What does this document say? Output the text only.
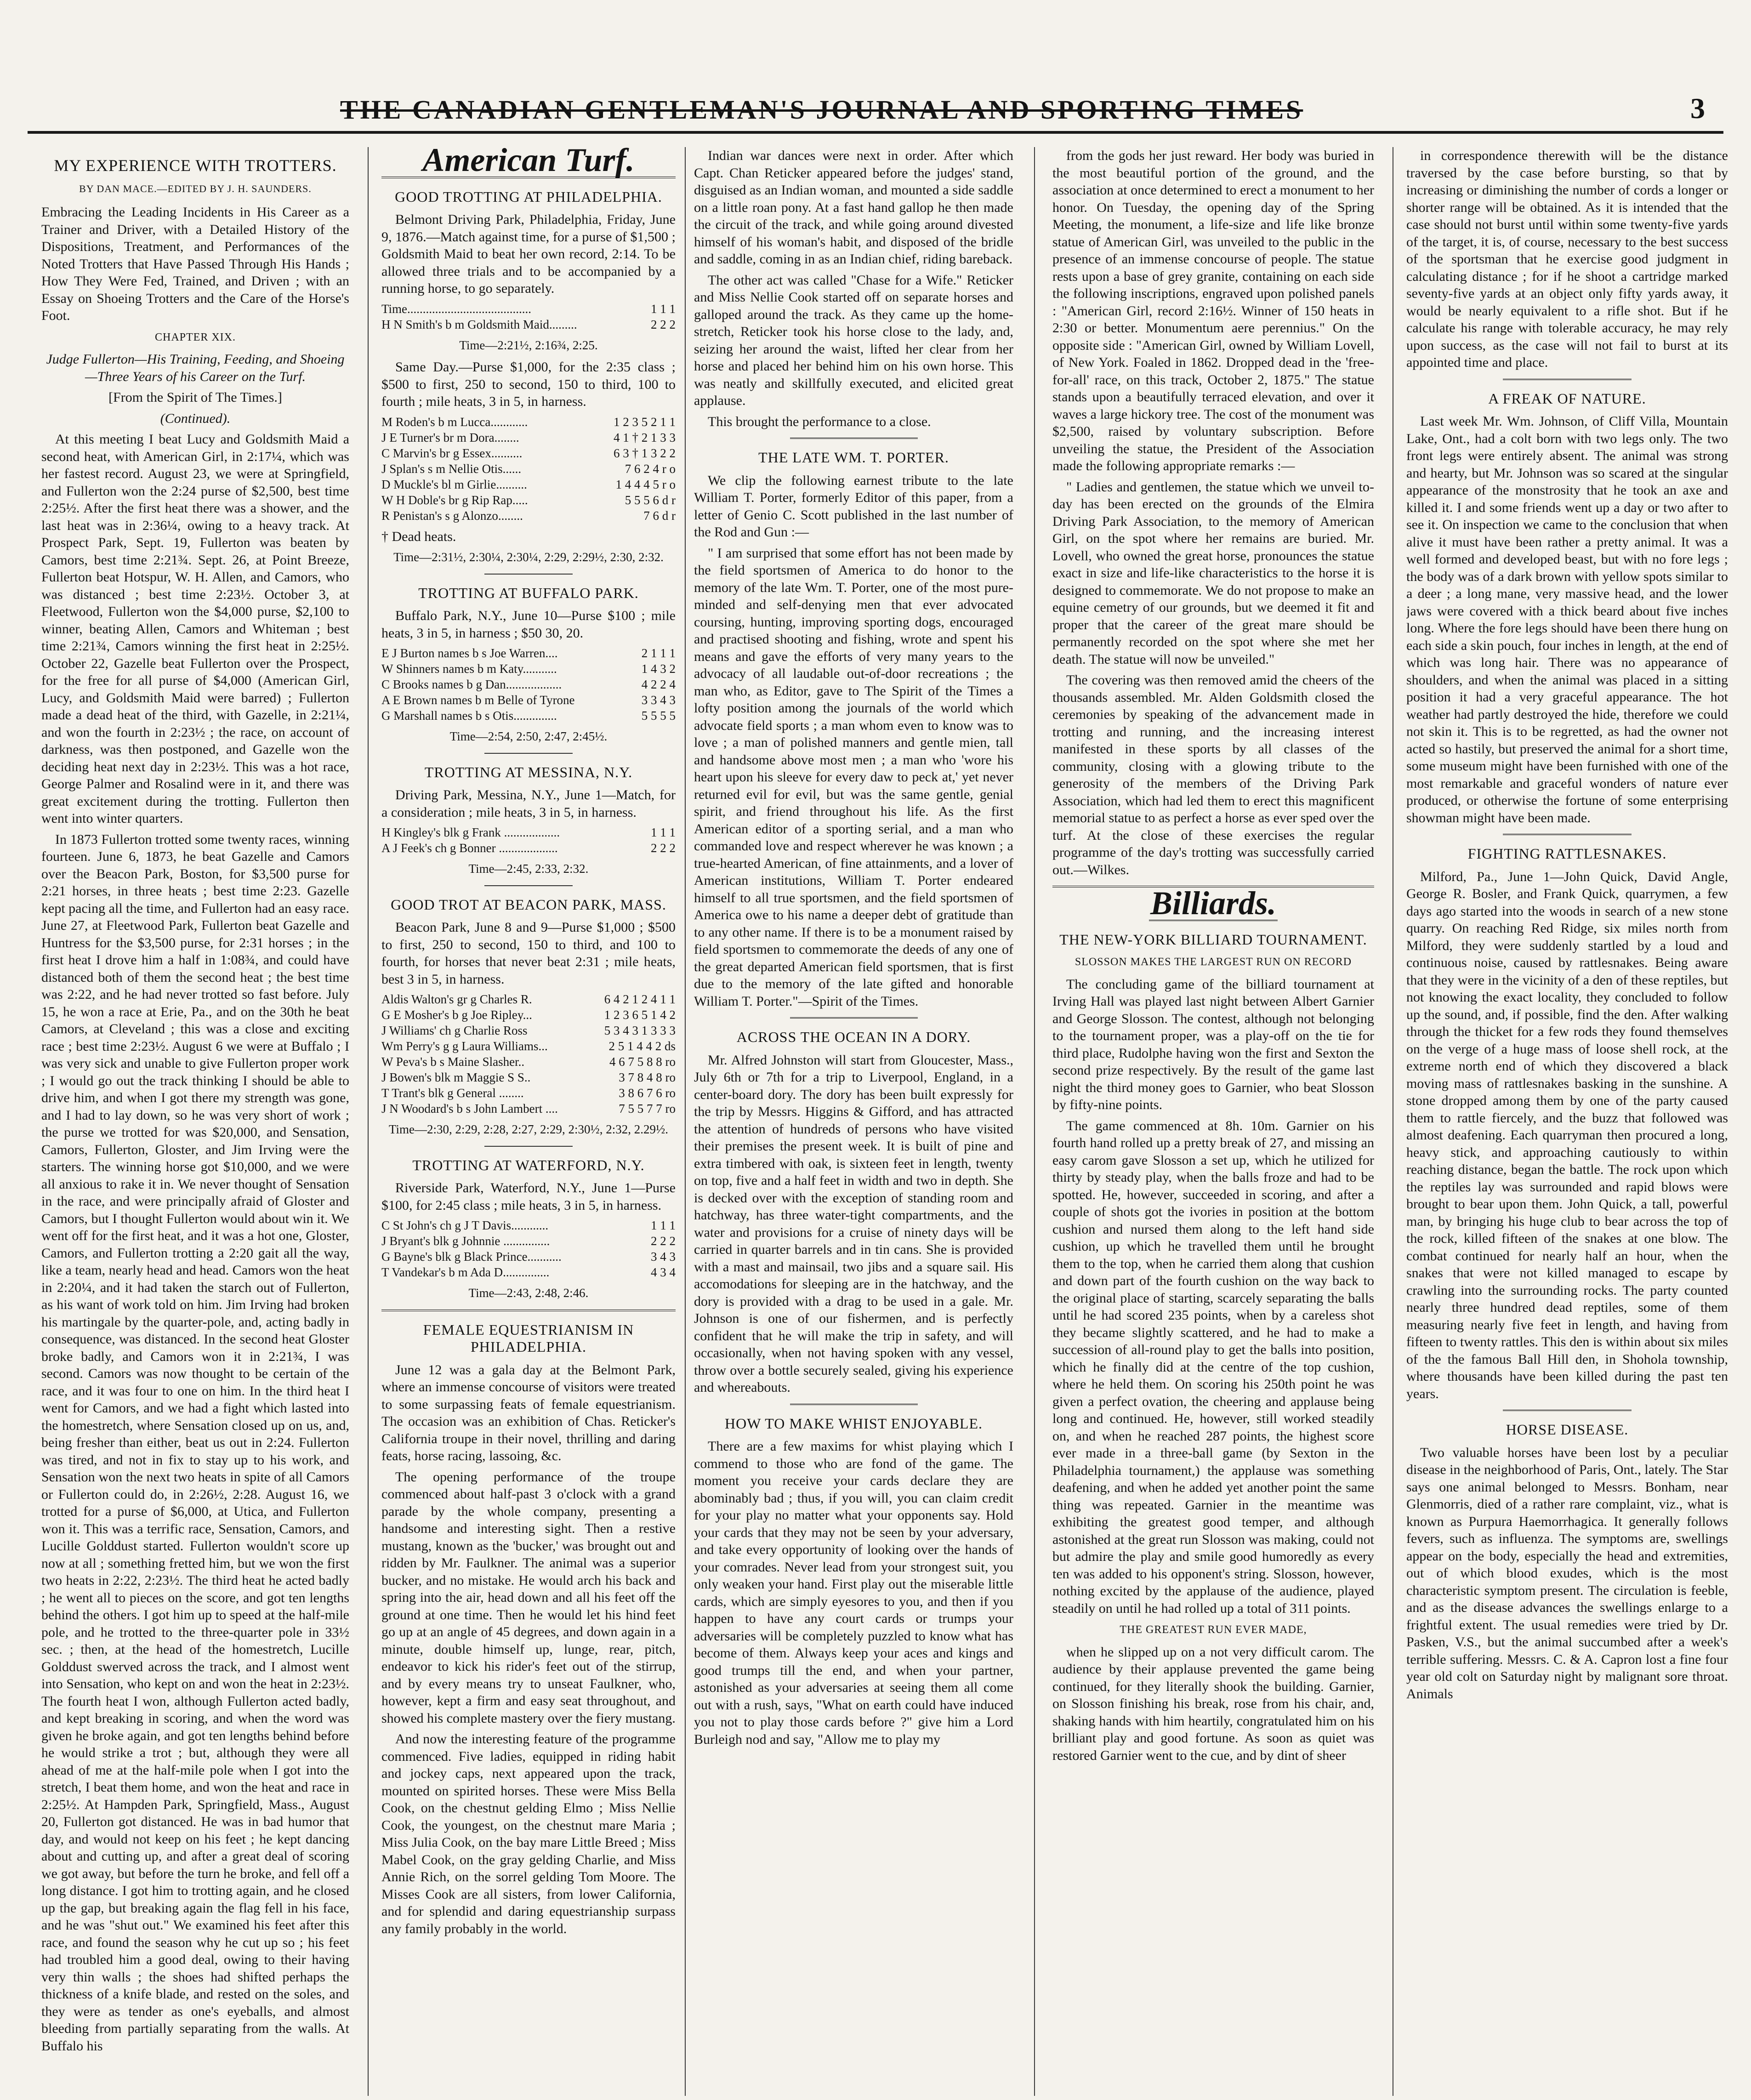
THE CANADIAN GENTLEMAN'S JOURNAL AND SPORTING TIMES	3
MY EXPERIENCE WITH TROTTERS.
BY DAN MACE.—EDITED BY J. H. SAUNDERS.

Embracing the Leading Incidents in His Career as a Trainer and Driver, with a Detailed History of the Dispositions, Treatment, and Performances of the Noted Trotters that Have Passed Through His Hands ; How They Were Fed, Trained, and Driven ; with an Essay on Shoeing Trotters and the Care of the Horse's Foot.

CHAPTER XIX.

Judge Fullerton—His Training, Feeding, and Shoeing—Three Years of his Career on the Turf.

[From the Spirit of The Times.]

(Continued).

At this meeting I beat Lucy and Goldsmith Maid a second heat, with American Girl, in 2:17¼, which was her fastest record. August 23, we were at Springfield, and Fullerton won the 2:24 purse of $2,500, best time 2:25½. After the first heat there was a shower, and the last heat was in 2:36¼, owing to a heavy track. At Prospect Park, Sept. 19, Fullerton was beaten by Camors, best time 2:21¾. Sept. 26, at Point Breeze, Fullerton beat Hotspur, W. H. Allen, and Camors, who was distanced ; best time 2:23½. October 3, at Fleetwood, Fullerton won the $4,000 purse, $2,100 to winner, beating Allen, Camors and Whiteman ; best time 2:21¾, Camors winning the first heat in 2:25½. October 22, Gazelle beat Fullerton over the Prospect, for the free for all purse of $4,000 (American Girl, Lucy, and Goldsmith Maid were barred) ; Fullerton made a dead heat of the third, with Gazelle, in 2:21¼, and won the fourth in 2:23½ ; the race, on account of darkness, was then postponed, and Gazelle won the deciding heat next day in 2:23½. This was a hot race, George Palmer and Rosalind were in it, and there was great excitement during the trotting. Fullerton then went into winter quarters.

In 1873 Fullerton trotted some twenty races, winning fourteen. June 6, 1873, he beat Gazelle and Camors over the Beacon Park, Boston, for $3,500 purse for 2:21 horses, in three heats ; best time 2:23. Gazelle kept pacing all the time, and Fullerton had an easy race. June 27, at Fleetwood Park, Fullerton beat Gazelle and Huntress for the $3,500 purse, for 2:31 horses ; in the first heat I drove him a half in 1:08¾, and could have distanced both of them the second heat ; the best time was 2:22, and he had never trotted so fast before. July 15, he won a race at Erie, Pa., and on the 30th he beat Camors, at Cleveland ; this was a close and exciting race ; best time 2:23½. August 6 we were at Buffalo ; I was very sick and unable to give Fullerton proper work ; I would go out the track thinking I should be able to drive him, and when I got there my strength was gone, and I had to lay down, so he was very short of work ; the purse we trotted for was $20,000, and Sensation, Camors, Fullerton, Gloster, and Jim Irving were the starters. The winning horse got $10,000, and we were all anxious to rake it in. We never thought of Sensation in the race, and were principally afraid of Gloster and Camors, but I thought Fullerton would about win it. We went off for the first heat, and it was a hot one, Gloster, Camors, and Fullerton trotting a 2:20 gait all the way, like a team, nearly head and head. Camors won the heat in 2:20¼, and it had taken the starch out of Fullerton, as his want of work told on him. Jim Irving had broken his martingale by the quarter-pole, and, acting badly in consequence, was distanced. In the second heat Gloster broke badly, and Camors won it in 2:21¾, I was second. Camors was now thought to be certain of the race, and it was four to one on him. In the third heat I went for Camors, and we had a fight which lasted into the homestretch, where Sensation closed up on us, and, being fresher than either, beat us out in 2:24. Fullerton was tired, and not in fix to stay up to his work, and Sensation won the next two heats in spite of all Camors or Fullerton could do, in 2:26½, 2:28. August 16, we trotted for a purse of $6,000, at Utica, and Fullerton won it. This was a terrific race, Sensation, Camors, and Lucille Golddust started. Fullerton wouldn't score up now at all ; something fretted him, but we won the first two heats in 2:22, 2:23½. The third heat he acted badly ; he went all to pieces on the score, and got ten lengths behind the others. I got him up to speed at the half-mile pole, and he trotted to the three-quarter pole in 33½ sec. ; then, at the head of the homestretch, Lucille Golddust swerved across the track, and I almost went into Sensation, who kept on and won the heat in 2:23½. The fourth heat I won, although Fullerton acted badly, and kept breaking in scoring, and when the word was given he broke again, and got ten lengths behind before he would strike a trot ; but, although they were all ahead of me at the half-mile pole when I got into the stretch, I beat them home, and won the heat and race in 2:25½. At Hampden Park, Springfield, Mass., August 20, Fullerton got distanced. He was in bad humor that day, and would not keep on his feet ; he kept dancing about and cutting up, and after a great deal of scoring we got away, but before the turn he broke, and fell off a long distance. I got him to trotting again, and he closed up the gap, but breaking again the flag fell in his face, and he was "shut out." We examined his feet after this race, and found the season why he cut up so ; his feet had troubled him a good deal, owing to their having very thin walls ; the shoes had shifted perhaps the thickness of a knife blade, and rested on the soles, and they were as tender as one's eyeballs, and almost bleeding from partially separating from the walls. At Buffalo his

American Turf.
GOOD TROTTING AT PHILADELPHIA.

Belmont Driving Park, Philadelphia, Friday, June 9, 1876.—Match against time, for a purse of $1,500 ; Goldsmith Maid to beat her own record, 2:14. To be allowed three trials and to be accompanied by a running horse, to go separately.

Time........................................	1 1 1
H N Smith's b m Goldsmith Maid.........	2 2 2

Time—2:21½, 2:16¾, 2:25.

Same Day.—Purse $1,000, for the 2:35 class ; $500 to first, 250 to second, 150 to third, 100 to fourth ; mile heats, 3 in 5, in harness.

M Roden's b m Lucca............	1 2 3 5 2 1 1
J E Turner's br m Dora........	4 1 † 2 1 3 3
C Marvin's br g Essex..........	6 3 † 1 3 2 2
J Splan's s m Nellie Otis......	7 6 2 4 r o
D Muckle's bl m Girlie..........	1 4 4 4 5 r o
W H Doble's br g Rip Rap.....	5 5 5 6 d r
R Penistan's s g Alonzo........	7 6 d r

† Dead heats.

Time—2:31½, 2:30¼, 2:30¼, 2:29, 2:29½, 2:30, 2:32.

TROTTING AT BUFFALO PARK.

Buffalo Park, N.Y., June 10—Purse $100 ; mile heats, 3 in 5, in harness ; $50 30, 20.

E J Burton names b s Joe Warren....	2 1 1 1
W Shinners names b m Katy...........	1 4 3 2
C Brooks names b g Dan..................	4 2 2 4
A E Brown names b m Belle of Tyrone	3 3 4 3
G Marshall names b s Otis..............	5 5 5 5

Time—2:54, 2:50, 2:47, 2:45½.

TROTTING AT MESSINA, N.Y.

Driving Park, Messina, N.Y., June 1—Match, for a consideration ; mile heats, 3 in 5, in harness.

H Kingley's blk g Frank ..................	1 1 1
A J Feek's ch g Bonner ...................	2 2 2

Time—2:45, 2:33, 2:32.

GOOD TROT AT BEACON PARK, MASS.

Beacon Park, June 8 and 9—Purse $1,000 ; $500 to first, 250 to second, 150 to third, and 100 to fourth, for horses that never beat 2:31 ; mile heats, best 3 in 5, in harness.

Aldis Walton's gr g Charles R.	6 4 2 1 2 4 1 1
G E Mosher's b g Joe Ripley...	1 2 3 6 5 1 4 2
J Williams' ch g Charlie Ross	5 3 4 3 1 3 3 3
Wm Perry's g g Laura Williams...	2 5 1 4 4 2 ds
W Peva's b s Maine Slasher..	4 6 7 5 8 8 ro
J Bowen's blk m Maggie S S..	3 7 8 4 8 ro
T Trant's blk g General ........	3 8 6 7 6 ro
J N Woodard's b s John Lambert ....	7 5 5 7 7 ro

Time—2:30, 2:29, 2:28, 2:27, 2:29, 2:30½, 2:32, 2.29½.

TROTTING AT WATERFORD, N.Y.

Riverside Park, Waterford, N.Y., June 1—Purse $100, for 2:45 class ; mile heats, 3 in 5, in harness.

C St John's ch g J T Davis............	1 1 1
J Bryant's blk g Johnnie ...............	2 2 2
G Bayne's blk g Black Prince...........	3 4 3
T Vandekar's b m Ada D...............	4 3 4

Time—2:43, 2:48, 2:46.

FEMALE EQUESTRIANISM IN PHILADELPHIA.

June 12 was a gala day at the Belmont Park, where an immense concourse of visitors were treated to some surpassing feats of female equestrianism. The occasion was an exhibition of Chas. Reticker's California troupe in their novel, thrilling and daring feats, horse racing, lassoing, &c.

The opening performance of the troupe commenced about half-past 3 o'clock with a grand parade by the whole company, presenting a handsome and interesting sight. Then a restive mustang, known as the 'bucker,' was brought out and ridden by Mr. Faulkner. The animal was a superior bucker, and no mistake. He would arch his back and spring into the air, head down and all his feet off the ground at one time. Then he would let his hind feet go up at an angle of 45 degrees, and down again in a minute, double himself up, lunge, rear, pitch, endeavor to kick his rider's feet out of the stirrup, and by every means try to unseat Faulkner, who, however, kept a firm and easy seat throughout, and showed his complete mastery over the fiery mustang.

And now the interesting feature of the programme commenced. Five ladies, equipped in riding habit and jockey caps, next appeared upon the track, mounted on spirited horses. These were Miss Bella Cook, on the chestnut gelding Elmo ; Miss Nellie Cook, the youngest, on the chestnut mare Maria ; Miss Julia Cook, on the bay mare Little Breed ; Miss Mabel Cook, on the gray gelding Charlie, and Miss Annie Rich, on the sorrel gelding Tom Moore. The Misses Cook are all sisters, from lower California, and for splendid and daring equestrianship surpass any family probably in the world.

Indian war dances were next in order. After which Capt. Chan Reticker appeared before the judges' stand, disguised as an Indian woman, and mounted a side saddle on a little roan pony. At a fast hand gallop he then made the circuit of the track, and while going around divested himself of his woman's habit, and disposed of the bridle and saddle, coming in as an Indian chief, riding bareback.

The other act was called "Chase for a Wife." Reticker and Miss Nellie Cook started off on separate horses and galloped around the track. As they came up the home-stretch, Reticker took his horse close to the lady, and, seizing her around the waist, lifted her clear from her horse and placed her behind him on his own horse. This was neatly and skillfully executed, and elicited great applause.

This brought the performance to a close.

THE LATE WM. T. PORTER.

We clip the following earnest tribute to the late William T. Porter, formerly Editor of this paper, from a letter of Genio C. Scott published in the last number of the Rod and Gun :—

" I am surprised that some effort has not been made by the field sportsmen of America to do honor to the memory of the late Wm. T. Porter, one of the most pure-minded and self-denying men that ever advocated coursing, hunting, improving sporting dogs, encouraged and practised shooting and fishing, wrote and spent his means and gave the efforts of very many years to the advocacy of all laudable out-of-door recreations ; the man who, as Editor, gave to The Spirit of the Times a lofty position among the journals of the world which advocate field sports ; a man whom even to know was to love ; a man of polished manners and gentle mien, tall and handsome above most men ; a man who 'wore his heart upon his sleeve for every daw to peck at,' yet never returned evil for evil, but was the same gentle, genial spirit, and friend throughout his life. As the first American editor of a sporting serial, and a man who commanded love and respect wherever he was known ; a true-hearted American, of fine attainments, and a lover of American institutions, William T. Porter endeared himself to all true sportsmen, and the field sportsmen of America owe to his name a deeper debt of gratitude than to any other name. If there is to be a monument raised by field sportsmen to commemorate the deeds of any one of the great departed American field sportsmen, that is first due to the memory of the late gifted and honorable William T. Porter."—Spirit of the Times.

ACROSS THE OCEAN IN A DORY.

Mr. Alfred Johnston will start from Gloucester, Mass., July 6th or 7th for a trip to Liverpool, England, in a center-board dory. The dory has been built expressly for the trip by Messrs. Higgins & Gifford, and has attracted the attention of hundreds of persons who have visited their premises the present week. It is built of pine and extra timbered with oak, is sixteen feet in length, twenty on top, five and a half feet in width and two in depth. She is decked over with the exception of standing room and hatchway, has three water-tight compartments, and the water and provisions for a cruise of ninety days will be carried in quarter barrels and in tin cans. She is provided with a mast and mainsail, two jibs and a square sail. His accomodations for sleeping are in the hatchway, and the dory is provided with a drag to be used in a gale. Mr. Johnson is one of our fishermen, and is perfectly confident that he will make the trip in safety, and will occasionally, when not having spoken with any vessel, throw over a bottle securely sealed, giving his experience and whereabouts.

HOW TO MAKE WHIST ENJOYABLE.

There are a few maxims for whist playing which I commend to those who are fond of the game. The moment you receive your cards declare they are abominably bad ; thus, if you will, you can claim credit for your play no matter what your opponents say. Hold your cards that they may not be seen by your adversary, and take every opportunity of looking over the hands of your comrades. Never lead from your strongest suit, you only weaken your hand. First play out the miserable little cards, which are simply eyesores to you, and then if you happen to have any court cards or trumps your adversaries will be completely puzzled to know what has become of them. Always keep your aces and kings and good trumps till the end, and when your partner, astonished as your adversaries at seeing them all come out with a rush, says, "What on earth could have induced you not to play those cards before ?" give him a Lord Burleigh nod and say, "Allow me to play my

from the gods her just reward. Her body was buried in the most beautiful portion of the ground, and the association at once determined to erect a monument to her honor. On Tuesday, the opening day of the Spring Meeting, the monument, a life-size and life like bronze statue of American Girl, was unveiled to the public in the presence of an immense concourse of people. The statue rests upon a base of grey granite, containing on each side the following inscriptions, engraved upon polished panels : "American Girl, record 2:16½. Winner of 150 heats in 2:30 or better. Monumentum aere perennius." On the opposite side : "American Girl, owned by William Lovell, of New York. Foaled in 1862. Dropped dead in the 'free-for-all' race, on this track, October 2, 1875." The statue stands upon a beautifully terraced elevation, and over it waves a large hickory tree. The cost of the monument was $2,500, raised by voluntary subscription. Before unveiling the statue, the President of the Association made the following appropriate remarks :—

" Ladies and gentlemen, the statue which we unveil to-day has been erected on the grounds of the Elmira Driving Park Association, to the memory of American Girl, on the spot where her remains are buried. Mr. Lovell, who owned the great horse, pronounces the statue exact in size and life-like characteristics to the horse it is designed to commemorate. We do not propose to make an equine cemetry of our grounds, but we deemed it fit and proper that the career of the great mare should be permanently recorded on the spot where she met her death. The statue will now be unveiled."

The covering was then removed amid the cheers of the thousands assembled. Mr. Alden Goldsmith closed the ceremonies by speaking of the advancement made in trotting and running, and the increasing interest manifested in these sports by all classes of the community, closing with a glowing tribute to the generosity of the members of the Driving Park Association, which had led them to erect this magnificent memorial statue to as perfect a horse as ever sped over the turf. At the close of these exercises the regular programme of the day's trotting was successfully carried out.—Wilkes.

Billiards.
THE NEW-YORK BILLIARD TOURNAMENT.
SLOSSON MAKES THE LARGEST RUN ON RECORD

The concluding game of the billiard tournament at Irving Hall was played last night between Albert Garnier and George Slosson. The contest, although not belonging to the tournament proper, was a play-off on the tie for third place, Rudolphe having won the first and Sexton the second prize respectively. By the result of the game last night the third money goes to Garnier, who beat Slosson by fifty-nine points.

The game commenced at 8h. 10m. Garnier on his fourth hand rolled up a pretty break of 27, and missing an easy carom gave Slosson a set up, which he utilized for thirty by steady play, when the balls froze and had to be spotted. He, however, succeeded in scoring, and after a couple of shots got the ivories in position at the bottom cushion and nursed them along to the left hand side cushion, up which he travelled them until he brought them to the top, when he carried them along that cushion and down part of the fourth cushion on the way back to the original place of starting, scarcely separating the balls until he had scored 235 points, when by a careless shot they became slightly scattered, and he had to make a succession of all-round play to get the balls into position, which he finally did at the centre of the top cushion, where he held them. On scoring his 250th point he was given a perfect ovation, the cheering and applause being long and continued. He, however, still worked steadily on, and when he reached 287 points, the highest score ever made in a three-ball game (by Sexton in the Philadelphia tournament,) the applause was something deafening, and when he added yet another point the same thing was repeated. Garnier in the meantime was exhibiting the greatest good temper, and although astonished at the great run Slosson was making, could not but admire the play and smile good humoredly as every ten was added to his opponent's string. Slosson, however, nothing excited by the applause of the audience, played steadily on until he had rolled up a total of 311 points.

THE GREATEST RUN EVER MADE,

when he slipped up on a not very difficult carom. The audience by their applause prevented the game being continued, for they literally shook the building. Garnier, on Slosson finishing his break, rose from his chair, and, shaking hands with him heartily, congratulated him on his brilliant play and good fortune. As soon as quiet was restored Garnier went to the cue, and by dint of sheer

in correspondence therewith will be the distance traversed by the case before bursting, so that by increasing or diminishing the number of cords a longer or shorter range will be obtained. As it is intended that the case should not burst until within some twenty-five yards of the target, it is, of course, necessary to the best success of the sportsman that he exercise good judgment in calculating distance ; for if he shoot a cartridge marked seventy-five yards at an object only fifty yards away, it would be nearly equivalent to a rifle shot. But if he calculate his range with tolerable accuracy, he may rely upon success, as the case will not fail to burst at its appointed time and place.

A FREAK OF NATURE.

Last week Mr. Wm. Johnson, of Cliff Villa, Mountain Lake, Ont., had a colt born with two legs only. The two front legs were entirely absent. The animal was strong and hearty, but Mr. Johnson was so scared at the singular appearance of the monstrosity that he took an axe and killed it. I and some friends went up a day or two after to see it. On inspection we came to the conclusion that when alive it must have been rather a pretty animal. It was a well formed and developed beast, but with no fore legs ; the body was of a dark brown with yellow spots similar to a deer ; a long mane, very massive head, and the lower jaws were covered with a thick beard about five inches long. Where the fore legs should have been there hung on each side a skin pouch, four inches in length, at the end of which was long hair. There was no appearance of shoulders, and when the animal was placed in a sitting position it had a very graceful appearance. The hot weather had partly destroyed the hide, therefore we could not skin it. This is to be regretted, as had the owner not acted so hastily, but preserved the animal for a short time, some museum might have been furnished with one of the most remarkable and graceful wonders of nature ever produced, or otherwise the fortune of some enterprising showman might have been made.

FIGHTING RATTLESNAKES.

Milford, Pa., June 1—John Quick, David Angle, George R. Bosler, and Frank Quick, quarrymen, a few days ago started into the woods in search of a new stone quarry. On reaching Red Ridge, six miles north from Milford, they were suddenly startled by a loud and continuous noise, caused by rattlesnakes. Being aware that they were in the vicinity of a den of these reptiles, but not knowing the exact locality, they concluded to follow up the sound, and, if possible, find the den. After walking through the thicket for a few rods they found themselves on the verge of a huge mass of loose shell rock, at the extreme north end of which they discovered a black moving mass of rattlesnakes basking in the sunshine. A stone dropped among them by one of the party caused them to rattle fiercely, and the buzz that followed was almost deafening. Each quarryman then procured a long, heavy stick, and approaching cautiously to within reaching distance, began the battle. The rock upon which the reptiles lay was surrounded and rapid blows were brought to bear upon them. John Quick, a tall, powerful man, by bringing his huge club to bear across the top of the rock, killed fifteen of the snakes at one blow. The combat continued for nearly half an hour, when the snakes that were not killed managed to escape by crawling into the surrounding rocks. The party counted nearly three hundred dead reptiles, some of them measuring nearly five feet in length, and having from fifteen to twenty rattles. This den is within about six miles of the the famous Ball Hill den, in Shohola township, where thousands have been killed during the past ten years.

HORSE DISEASE.

Two valuable horses have been lost by a peculiar disease in the neighborhood of Paris, Ont., lately. The Star says one animal belonged to Messrs. Bonham, near Glenmorris, died of a rather rare complaint, viz., what is known as Purpura Haemorrhagica. It generally follows fevers, such as influenza. The symptoms are, swellings appear on the body, especially the head and extremities, out of which blood exudes, which is the most characteristic symptom present. The circulation is feeble, and as the disease advances the swellings enlarge to a frightful extent. The usual remedies were tried by Dr. Pasken, V.S., but the animal succumbed after a week's terrible suffering. Messrs. C. & A. Capron lost a fine four year old colt on Saturday night by malignant sore throat. Animals
